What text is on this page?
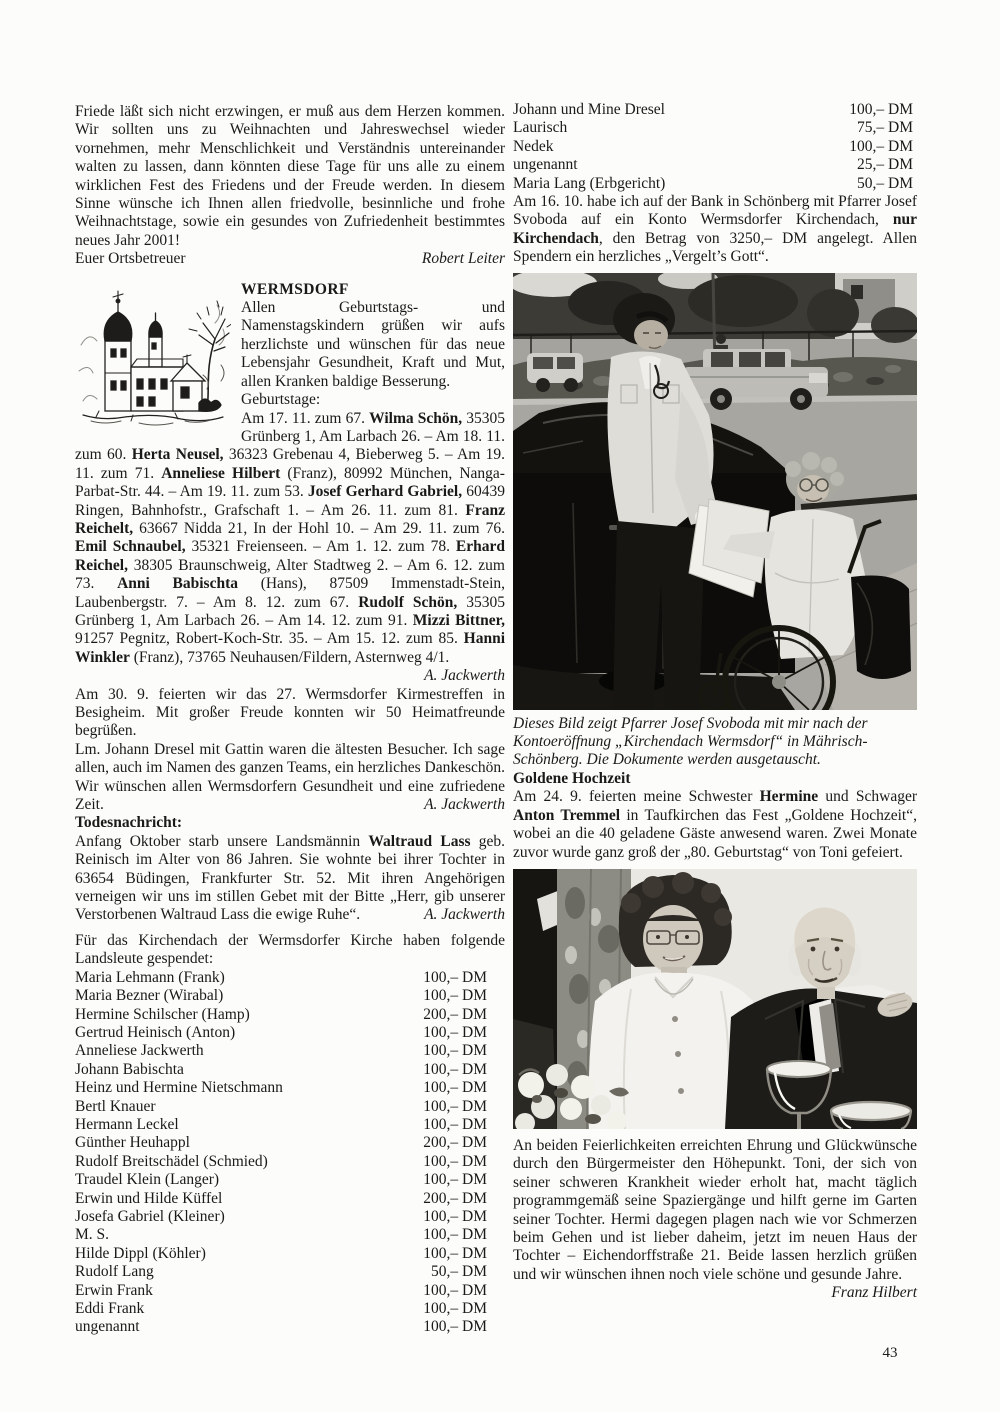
Friede läßt sich nicht erzwingen, er muß aus dem Herzen kommen. Wir sollten uns zu Weihnachten und Jahreswechsel wieder vornehmen, mehr Menschlichkeit und Verständnis untereinander walten zu lassen, dann könnten diese Tage für uns alle zu einem wirklichen Fest des Friedens und der Freude werden. In diesem Sinne wünsche ich Ihnen allen friedvolle, besinnliche und frohe Weihnachtstage, sowie ein gesundes von Zufriedenheit bestimmtes neues Jahr 2001!

Euer Ortsbetreuer	Robert Leiter
WERMSDORF

Allen Geburtstags- und Namenstagskindern grüßen wir aufs herzlichste und wünschen für das neue Lebensjahr Gesundheit, Kraft und Mut, allen Kranken baldige Besserung.

Geburtstage:

Am 17. 11. zum 67. Wilma Schön, 35305 Grünberg 1, Am Larbach 26. – Am 18. 11. zum 60. Herta Neusel, 36323 Grebenau 4, Bieberweg 5. – Am 19. 11. zum 71. Anneliese Hilbert (Franz), 80992 München, Nanga-Parbat-Str. 44. – Am 19. 11. zum 53. Josef Gerhard Gabriel, 60439 Ringen, Bahnhofstr., Grafschaft 1. – Am 26. 11. zum 81. Franz Reichelt, 63667 Nidda 21, In der Hohl 10. – Am 29. 11. zum 76. Emil Schnaubel, 35321 Freienseen. – Am 1. 12. zum 78. Erhard Reichel, 38305 Braunschweig, Alter Stadtweg 2. – Am 6. 12. zum 73. Anni Babischta (Hans), 87509 Immenstadt-Stein, Laubenbergstr. 7. – Am 8. 12. zum 67. Rudolf Schön, 35305 Grünberg 1, Am Larbach 26. – Am 14. 12. zum 91. Mizzi Bittner, 91257 Pegnitz, Robert-Koch-Str. 35. – Am 15. 12. zum 85. Hanni Winkler (Franz), 73765 Neuhausen/Fildern, Asternweg 4/1.
A. Jackwerth

Am 30. 9. feierten wir das 27. Wermsdorfer Kirmestreffen in Besigheim. Mit großer Freude konnten wir 50 Heimatfreunde begrüßen.

Lm. Johann Dresel mit Gattin waren die ältesten Besucher. Ich sage allen, auch im Namen des ganzen Teams, ein herzliches Dankeschön. Wir wünschen allen Wermsdorfern Gesundheit und eine zufriedene Zeit.	A. Jackwerth

Todesnachricht:

Anfang Oktober starb unsere Landsmännin Waltraud Lass geb. Reinisch im Alter von 86 Jahren. Sie wohnte bei ihrer Tochter in 63654 Büdingen, Frankfurter Str. 52. Mit ihren Angehörigen verneigen wir uns im stillen Gebet mit der Bitte „Herr, gib unserer Verstorbenen Waltraud Lass die ewige Ruhe“.	A. Jackwerth

Für das Kirchendach der Wermsdorfer Kirche haben folgende Landsleute gespendet:

Maria Lehmann (Frank)	100,– DM
Maria Bezner (Wirabal)	100,– DM
Hermine Schilscher (Hamp)	200,– DM
Gertrud Heinisch (Anton)	100,– DM
Anneliese Jackwerth	100,– DM
Johann Babischta	100,– DM
Heinz und Hermine Nietschmann	100,– DM
Bertl Knauer	100,– DM
Hermann Leckel	100,– DM
Günther Heuhappl	200,– DM
Rudolf Breitschädel (Schmied)	100,– DM
Traudel Klein (Langer)	100,– DM
Erwin und Hilde Küffel	200,– DM
Josefa Gabriel (Kleiner)	100,– DM
M. S.	100,– DM
Hilde Dippl (Köhler)	100,– DM
Rudolf Lang	50,– DM
Erwin Frank	100,– DM
Eddi Frank	100,– DM
ungenannt	100,– DM
Johann und Mine Dresel	100,– DM
Laurisch	75,– DM
Nedek	100,– DM
ungenannt	25,– DM
Maria Lang (Erbgericht)	50,– DM

Am 16. 10. habe ich auf der Bank in Schönberg mit Pfarrer Josef Svoboda auf ein Konto Wermsdorfer Kirchendach, nur Kirchendach, den Betrag von 3250,– DM angelegt. Allen Spendern ein herzliches „Vergelt’s Gott“.

Dieses Bild zeigt Pfarrer Josef Svoboda mit mir nach der Kontoeröffnung „Kirchendach Wermsdorf“ in Mährisch-Schönberg. Die Dokumente werden ausgetauscht.

Goldene Hochzeit

Am 24. 9. feierten meine Schwester Hermine und Schwager Anton Tremmel in Taufkirchen das Fest „Goldene Hochzeit“, wobei an die 40 geladene Gäste anwesend waren. Zwei Monate zuvor wurde ganz groß der „80. Geburtstag“ von Toni gefeiert.

An beiden Feierlichkeiten erreichten Ehrung und Glückwünsche durch den Bürgermeister den Höhepunkt. Toni, der sich von seiner schweren Krankheit wieder erholt hat, macht täglich programmgemäß seine Spaziergänge und hilft gerne im Garten seiner Tochter. Hermi dagegen plagen nach wie vor Schmerzen beim Gehen und ist lieber daheim, jetzt im neuen Haus der Tochter – Eichendorffstraße 21. Beide lassen herzlich grüßen und wir wünschen ihnen noch viele schöne und gesunde Jahre.

Franz Hilbert
43
